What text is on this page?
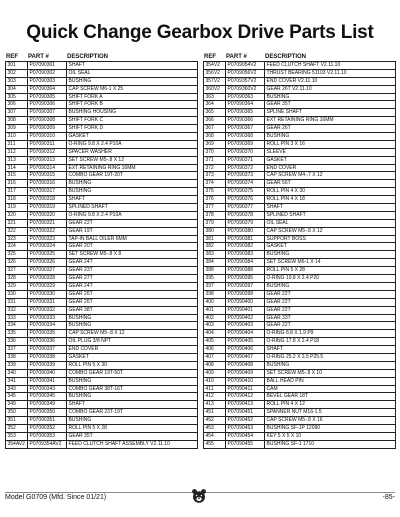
Quick Change Gearbox Drive Parts List
REF	PART #	DESCRIPTION
301	P07090301	SHAFT
302	P07090302	OIL SEAL
303	P07090303	BUSHING
304	P07090304	CAP SCREW M6-1 X 25
305	P07090305	SHIFT FORK A
306	P07090306	SHIFT FORK B
307	P07090307	BUSHING HOUSING
308	P07090308	SHIFT FORK C
309	P07090309	SHIFT FORK D
310	P07090310	GASKET
311	P07090311	O-RING 9.8 X 2.4 P10A
312	P07090312	SPACER WASHER
313	P07090313	SET SCREW M5-.8 X 12
314	P07090314	EXT RETAINING RING 16MM
315	P07090315	COMBO GEAR 19T-20T
316	P07090316	BUSHING
317	P07090317	BUSHING
318	P07090318	SHAFT
319	P07090319	SPLINED SHAFT
320	P07090320	O-RING 9.8 X 2.4 P10A
321	P07090321	GEAR 22T
322	P07090322	GEAR 19T
323	P07090323	TAP-IN BALL OILER 6MM
324	P07090324	GEAR 20T
325	P07090325	SET SCREW M5-.8 X 8
326	P07090326	GEAR 24T
327	P07090327	GEAR 23T
328	P07090328	GEAR 27T
329	P07090329	GEAR 24T
330	P07090330	GEAR 26T
331	P07090331	GEAR 26T
332	P07090332	GEAR 38T
333	P07090333	BUSHING
334	P07090334	BUSHING
335	P07090335	CAP SCREW M5-.8 X 12
336	P07090336	OIL PLUG 3/8 NPT
337	P07090337	END COVER
338	P07090338	GASKET
339	P07090339	ROLL PIN 5 X 30
340	P07090340	COMBO GEAR 19T-50T
341	P07090341	BUSHING
343	P07090343	COMBO GEAR 38T-16T
345	P07090345	BUSHING
349	P07090349	SHAFT
350	P07090350	COMBO GEAR 23T-19T
351	P07090351	BUSHING
352	P07090352	ROLL PIN 5 X 28
353	P07090353	GEAR 35T
354AV2 P0709354AV2	FEED CLUTCH SHAFT ASSEMBLY V2.11.10
REF	PART #	DESCRIPTION
354V2	P0709054V2	FEED CLUTCH SHAFT V2.11.10
356V2	P0709056V2	THRUST BEARING 51103 V2.11.10
357V2	P0709357V2	END COVER V2.11.10
360V2	P0709360V2	GEAR 26T V2.11.10
363	P07090363	BUSHING
364	P07090364	GEAR 35T
365	P07090365	SPLINE SHAFT
366	P07090366	EXT RETAINING RING 16MM
367	P07090367	GEAR 26T
368	P07090368	BUSHING
369	P07090369	ROLL PIN 3 X 16
370	P07090370	SLEEVE
371	P07090371	GASKET
372	P07090372	END COVER
373	P07090373	CAP SCREW M4-.7 X 12
374	P07090374	GEAR 56T
375	P07090375	ROLL PIN 4 X 30
376	P07090376	ROLL PIN 4 X 18
377	P07090377	SHAFT
378	P07090378	SPLINED SHAFT
379	P07090379	OIL SEAL
380	P07090380	CAP SCREW M5-.8 X 12
381	P07090381	SUPPORT BOSS
382	P07090382	GASKET
383	P07090383	BUSHING
384	P07090384	SET SCREW M6-1 X 14
388	P07090388	ROLL PIN 5 X 28
395	P07090395	O-RING 19.8 X 2.4 P20
397	P07090397	BUSHING
398	P07090398	GEAR 22T
400	P07090400	GEAR 22T
401	P07090401	GEAR 22T
402	P07090402	GEAR 33T
403	P07090403	GEAR 22T
404	P07090404	O-RING 8.8 X 1.9 P9
405	P07090405	O-RING 17.8 X 2.4 P18
406	P07090406	SHAFT
407	P07090407	O-RING 25.2 X 3.5 P25.5
408	P07090408	BUSHING
409	P07090409	SET SCREW M5-.8 X 10
410	P07090410	BALL HEAD PIN
411	P07090411	CAM
412	P07090412	BEVEL GEAR 18T
413	P07090413	ROLL PIN 4 X 12
451	P07090451	SPANNER NUT M16-1.5
452	P07090452	CAP SCREW M5-.8 X 16
453	P07090453	BUSHING SF-1P 12090
454	P07090454	KEY 5 X 5 X 10
455	P07090455	BUSHING SF-1 1710
Model G0709 (Mfd. Since 01/21)	-85-
